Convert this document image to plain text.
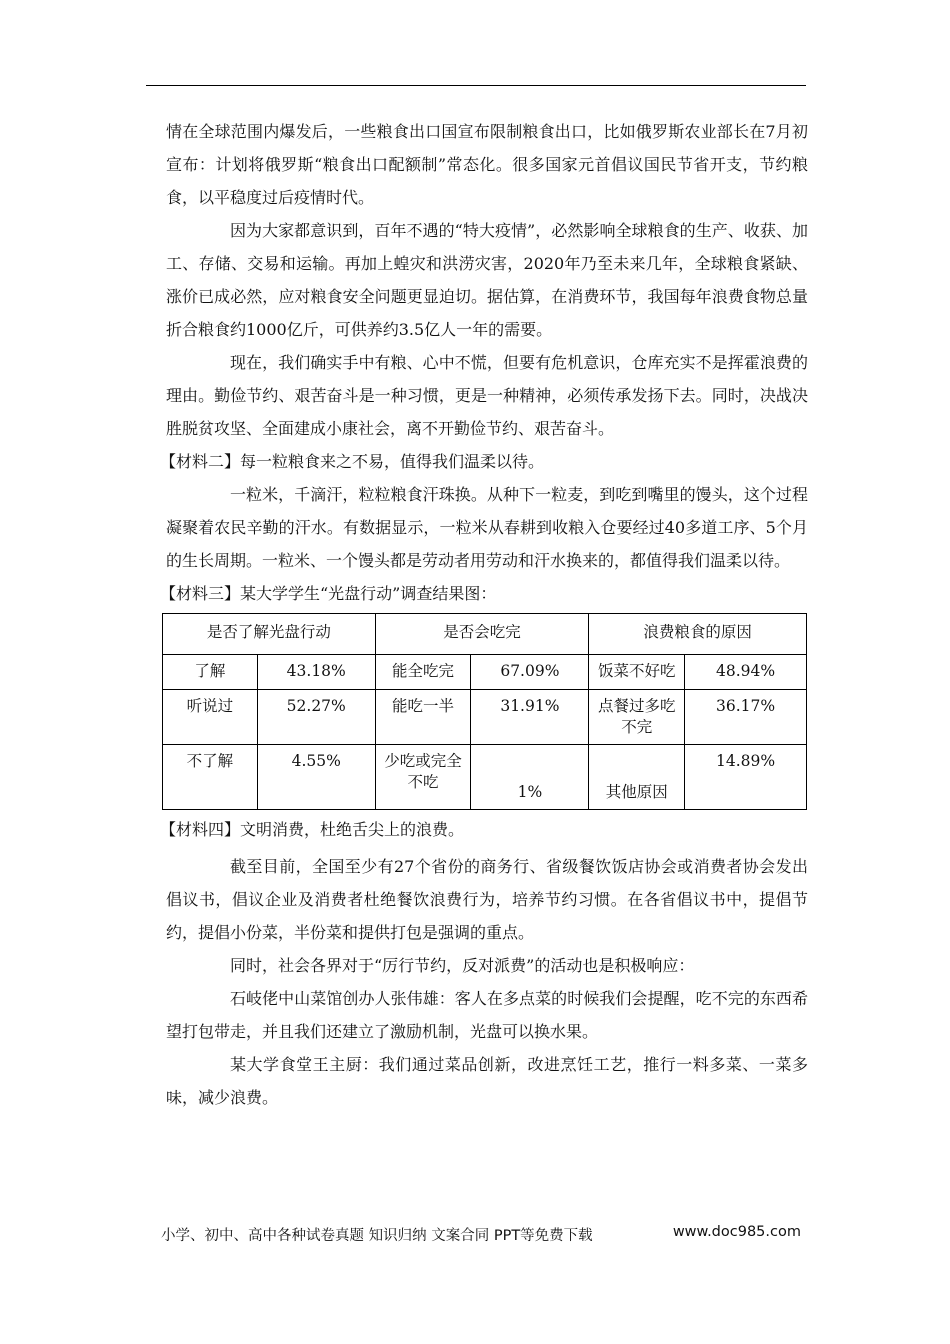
情在全球范围内爆发后，一些粮食出口国宣布限制粮食出口，比如俄罗斯农业部长在7月初宣布：计划将俄罗斯“粮食出口配额制”常态化。很多国家元首倡议国民节省开支，节约粮食，以平稳度过后疫情时代。

因为大家都意识到，百年不遇的“特大疫情”，必然影响全球粮食的生产、收获、加工、存储、交易和运输。再加上蝗灾和洪涝灾害，2020年乃至未来几年，全球粮食紧缺、涨价已成必然，应对粮食安全问题更显迫切。据估算，在消费环节，我国每年浪费食物总量折合粮食约1000亿斤，可供养约3.5亿人一年的需要。

现在，我们确实手中有粮、心中不慌，但要有危机意识，仓库充实不是挥霍浪费的理由。勤俭节约、艰苦奋斗是一种习惯，更是一种精神，必须传承发扬下去。同时，决战决胜脱贫攻坚、全面建成小康社会，离不开勤俭节约、艰苦奋斗。

【材料二】每一粒粮食来之不易，值得我们温柔以待。

一粒米，千滴汗，粒粒粮食汗珠换。从种下一粒麦，到吃到嘴里的馒头，这个过程凝聚着农民辛勤的汗水。有数据显示，一粒米从春耕到收粮入仓要经过40多道工序、5个月的生长周期。一粒米、一个馒头都是劳动者用劳动和汗水换来的，都值得我们温柔以待。

【材料三】某大学学生“光盘行动”调查结果图：

是否了解光盘行动		是否会吃完		浪费粮食的原因	
了解	43.18%	能全吃完	67.09%	饭菜不好吃	48.94%
听说过	52.27%	能吃一半	31.91%	点餐过多吃不完	36.17%
不了解	4.55%	少吃或完全不吃	1%	其他原因	14.89%

【材料四】文明消费，杜绝舌尖上的浪费。

截至目前，全国至少有27个省份的商务行、省级餐饮饭店协会或消费者协会发出倡议书，倡议企业及消费者杜绝餐饮浪费行为，培养节约习惯。在各省倡议书中，提倡节约，提倡小份菜，半份菜和提供打包是强调的重点。

同时，社会各界对于“厉行节约，反对派费”的活动也是积极响应：

石岐佬中山菜馆创办人张伟雄：客人在多点菜的时候我们会提醒，吃不完的东西希望打包带走，并且我们还建立了激励机制，光盘可以换水果。

某大学食堂王主厨：我们通过菜品创新，改进烹饪工艺，推行一料多菜、一菜多味，减少浪费。

小学、初中、高中各种试卷真题 知识归纳 文案合同 PPT等免费下载	www.doc985.com
